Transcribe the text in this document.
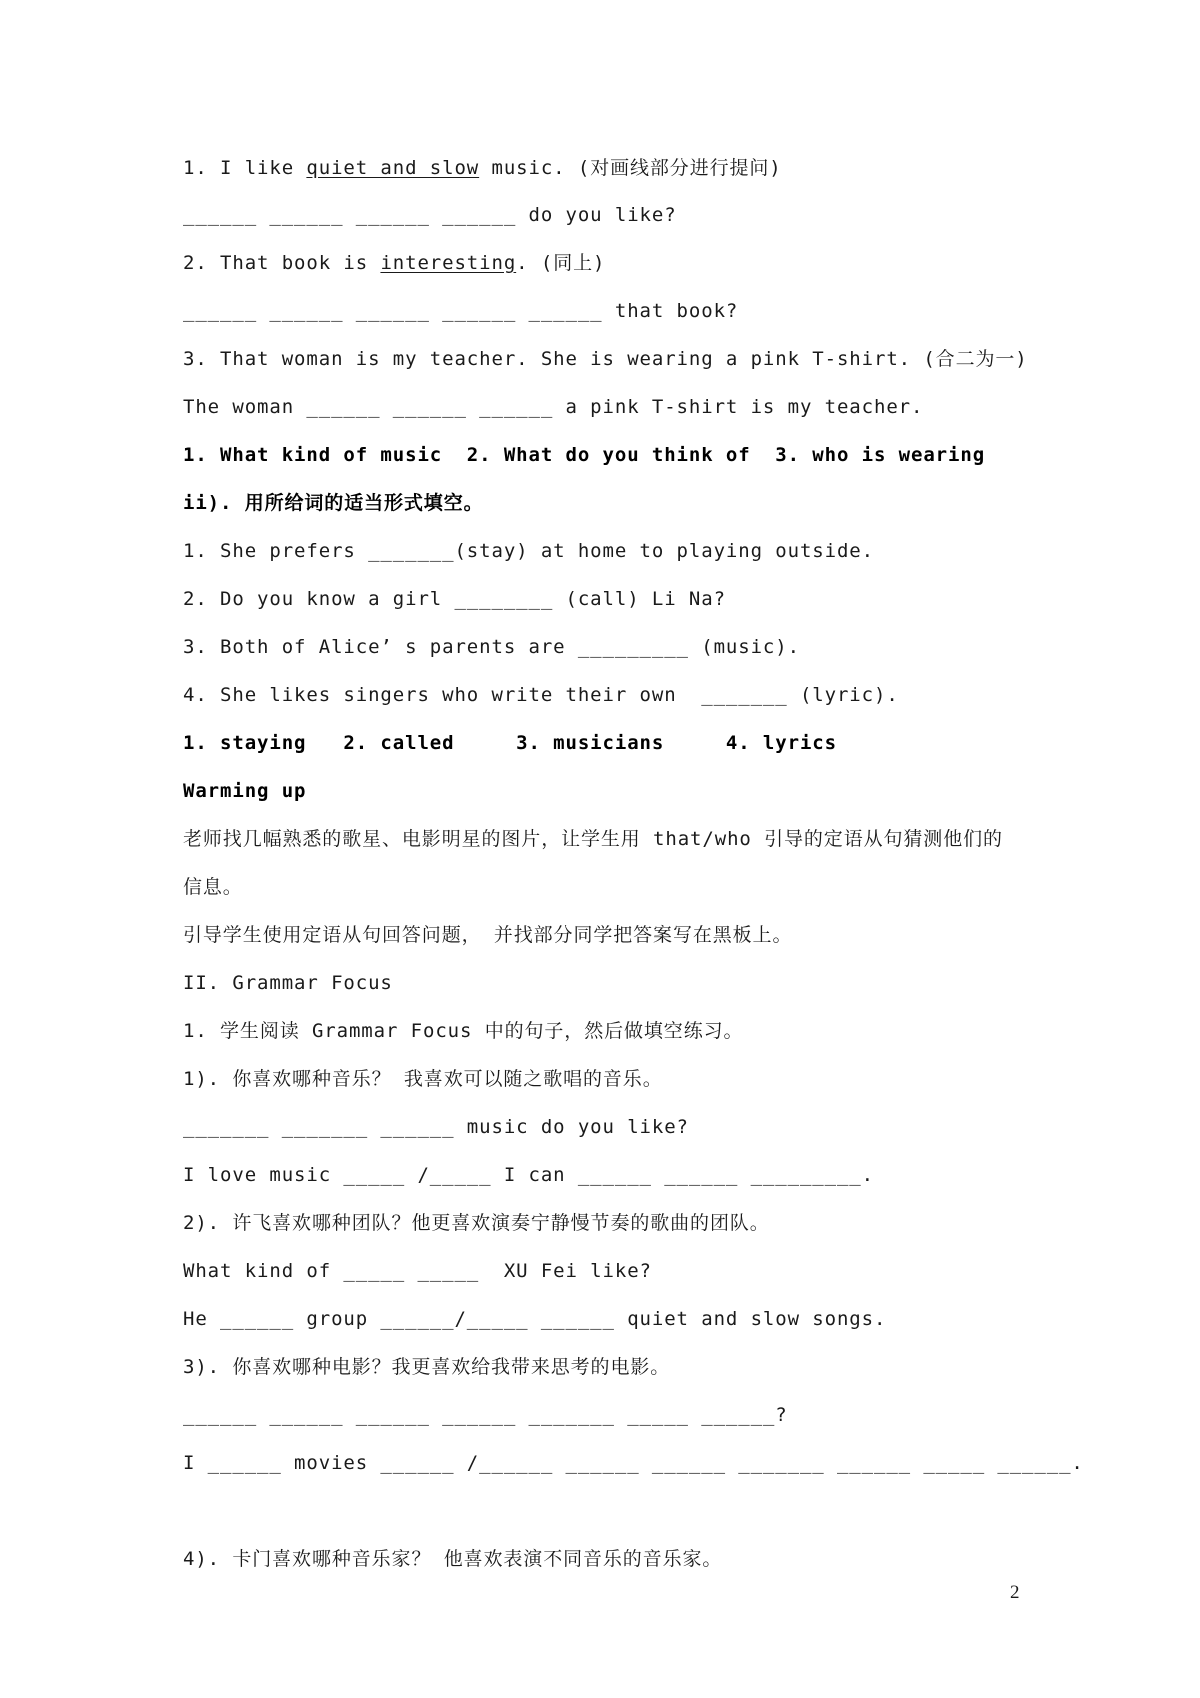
1. I like quiet and slow music. (对画线部分进行提问)
______ ______ ______ ______ do you like?
2. That book is interesting. (同上)
______ ______ ______ ______ ______ that book?
3. That woman is my teacher. She is wearing a pink T-shirt. (合二为一)
The woman ______ ______ ______ a pink T-shirt is my teacher.
1. What kind of music  2. What do you think of  3. who is wearing
ii). 用所给词的适当形式填空。
1. She prefers _______(stay) at home to playing outside.
2. Do you know a girl ________ (call) Li Na?
3. Both of Alice’ s parents are _________ (music).
4. She likes singers who write their own  _______ (lyric).
1. staying   2. called     3. musicians     4. lyrics
Warming up
老师找几幅熟悉的歌星、电影明星的图片，让学生用 that/who 引导的定语从句猜测他们的
信息。
引导学生使用定语从句回答问题， 并找部分同学把答案写在黑板上。
II. Grammar Focus
1. 学生阅读 Grammar Focus 中的句子，然后做填空练习。
1). 你喜欢哪种音乐？ 我喜欢可以随之歌唱的音乐。
_______ _______ ______ music do you like?
I love music _____ /_____ I can ______ ______ _________.
2). 许飞喜欢哪种团队？他更喜欢演奏宁静慢节奏的歌曲的团队。
What kind of _____ _____  XU Fei like?
He ______ group ______/_____ ______ quiet and slow songs.
3). 你喜欢哪种电影？我更喜欢给我带来思考的电影。
______ ______ ______ ______ _______ _____ ______?
I ______ movies ______ /______ ______ ______ _______ ______ _____ ______.
4). 卡门喜欢哪种音乐家？ 他喜欢表演不同音乐的音乐家。
2
